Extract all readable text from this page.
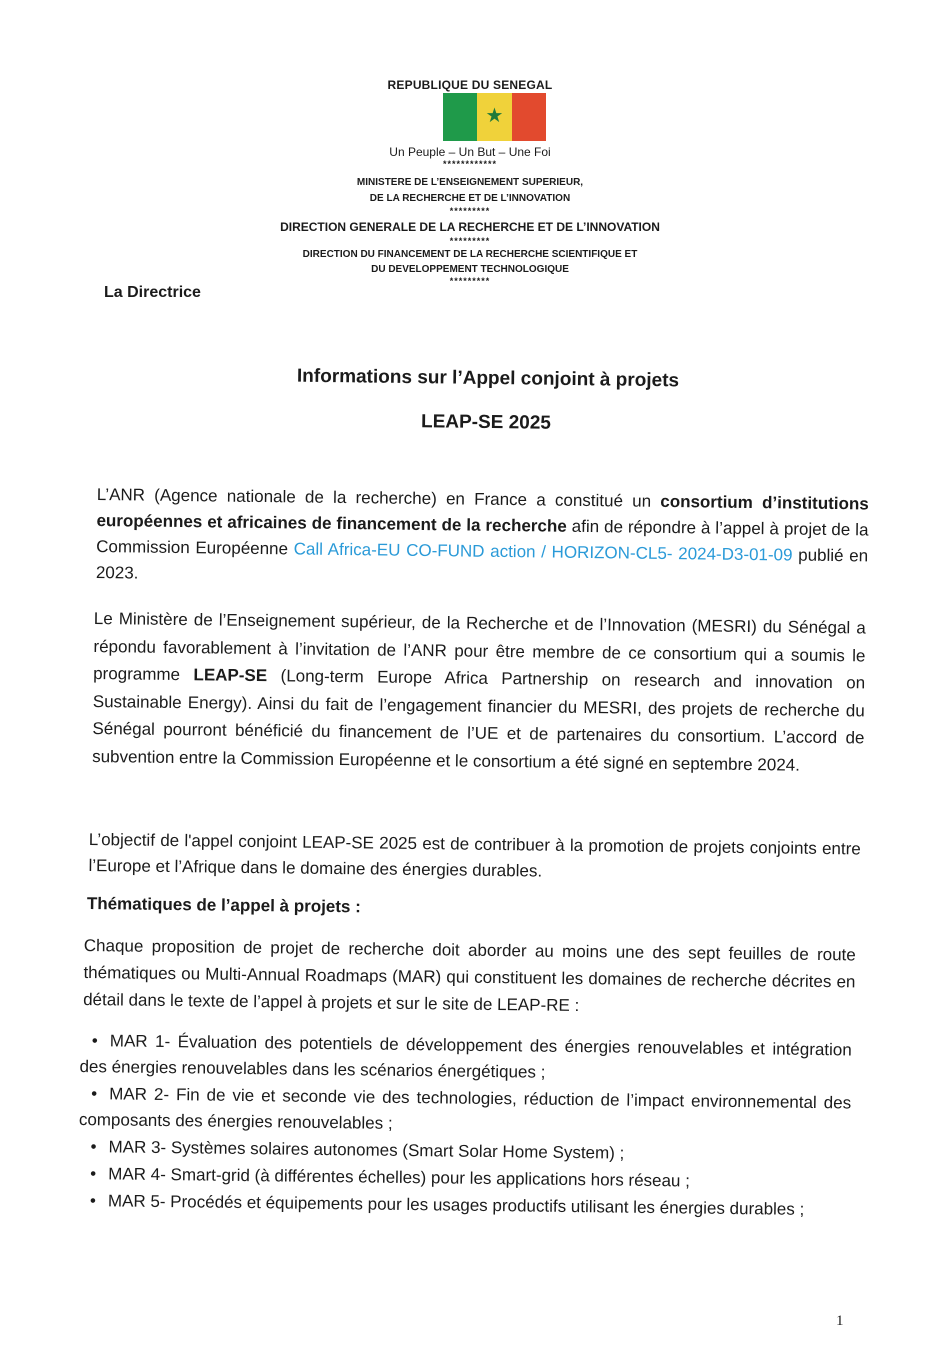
REPUBLIQUE DU SENEGAL
★
Un Peuple – Un But – Une Foi
************
MINISTERE DE L’ENSEIGNEMENT SUPERIEUR,
DE LA RECHERCHE ET DE L’INNOVATION
*********
DIRECTION GENERALE DE LA RECHERCHE ET DE L’INNOVATION
*********
DIRECTION DU FINANCEMENT DE LA RECHERCHE SCIENTIFIQUE ET
DU DEVELOPPEMENT TECHNOLOGIQUE
*********
La Directrice
Informations sur l’Appel conjoint à projets
LEAP-SE 2025
L’ANR (Agence nationale de la recherche) en France a constitué un consortium d’institutions européennes et africaines de financement de la recherche afin de répondre à l’appel à projet de la Commission Européenne Call Africa-EU CO-FUND action / HORIZON-CL5- 2024-D3-01-09 publié en 2023.
Le Ministère de l’Enseignement supérieur, de la Recherche et de l’Innovation (MESRI) du Sénégal a répondu favorablement à l’invitation de l’ANR pour être membre de ce consortium qui a soumis le programme LEAP-SE (Long-term Europe Africa Partnership on research and innovation on Sustainable Energy). Ainsi du fait de l’engagement financier du MESRI, des projets de recherche du Sénégal pourront bénéficié du financement de l’UE et de partenaires du consortium. L’accord de subvention entre la Commission Européenne et le consortium a été signé en septembre 2024.
L’objectif de l'appel conjoint LEAP-SE 2025 est de contribuer à la promotion de projets conjoints entre l’Europe et l’Afrique dans le domaine des énergies durables.
Thématiques de l’appel à projets :
Chaque proposition de projet de recherche doit aborder au moins une des sept feuilles de route thématiques ou Multi-Annual Roadmaps (MAR) qui constituent les domaines de recherche décrites en détail dans le texte de l’appel à projets et sur le site de LEAP-RE :
• MAR 1- Évaluation des potentiels de développement des énergies renouvelables et intégration des énergies renouvelables dans les scénarios énergétiques ;
• MAR 2- Fin de vie et seconde vie des technologies, réduction de l’impact environnemental des composants des énergies renouvelables ;
• MAR 3- Systèmes solaires autonomes (Smart Solar Home System) ;
• MAR 4- Smart-grid (à différentes échelles) pour les applications hors réseau ;
• MAR 5- Procédés et équipements pour les usages productifs utilisant les énergies durables ;
1
